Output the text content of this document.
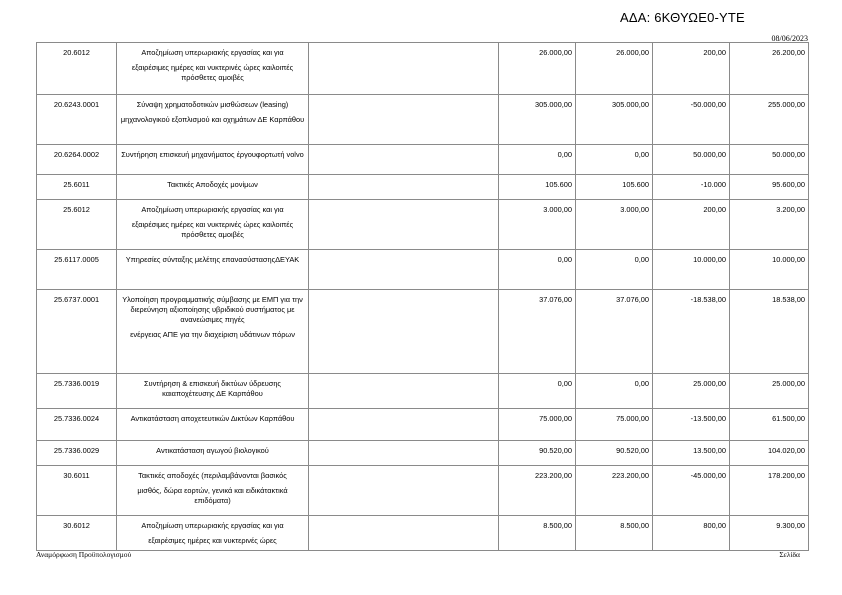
ΑΔΑ: 6ΚΘΥΩΕ0-ΥΤΕ
08/06/2023
20.6012	Αποζημίωση υπερωριακής εργασίας και για
εξαιρέσιμες ημέρες και νυκτερινές ώρες καιλοιπές πρόσθετες αμοιβές		26.000,00	26.000,00	200,00	26.200,00
20.6243.0001	Σύναψη χρηματοδοτικών μισθώσεων (leasing)
μηχανολογικού εξοπλισμού και οχημάτων ΔΕ Καρπάθου		305.000,00	305.000,00	-50.000,00	255.000,00
20.6264.0002	Συντήρηση επισκευή μηχανήματος έργουφορτωτή volvo		0,00	0,00	50.000,00	50.000,00
25.6011	Τακτικές Αποδοχές μονίμων		105.600	105.600	-10.000	95.600,00
25.6012	Αποζημίωση υπερωριακής εργασίας και για
εξαιρέσιμες ημέρες και νυκτερινές ώρες καιλοιπές πρόσθετες αμοιβές		3.000,00	3.000,00	200,00	3.200,00
25.6117.0005	Υπηρεσίες σύνταξης μελέτης επανασύστασηςΔΕΥΑΚ		0,00	0,00	10.000,00	10.000,00
25.6737.0001	Υλοποίηση προγραμματικής σύμβασης με ΕΜΠ για την διερεύνηση αξιοποίησης υβριδικού συστήματος με ανανεώσιμες πηγές
ενέργειας ΑΠΕ για την διαχείριση υδάτινων πόρων		37.076,00	37.076,00	-18.538,00	18.538,00
25.7336.0019	Συντήρηση & επισκευή δικτύων ύδρευσης καιαποχέτευσης ΔΕ Καρπάθου		0,00	0,00	25.000,00	25.000,00
25.7336.0024	Αντικατάσταση αποχετευτικών Δικτύων Καρπάθου		75.000,00	75.000,00	-13.500,00	61.500,00
25.7336.0029	Αντικατάσταση αγωγού βιολογικού		90.520,00	90.520,00	13.500,00	104.020,00
30.6011	Τακτικές αποδοχές (περιλαμβάνονται βασικός
μισθός, δώρα εορτών, γενικά και ειδικάτακτικά επιδόματα)		223.200,00	223.200,00	-45.000,00	178.200,00
30.6012	Αποζημίωση υπερωριακής εργασίας και για
εξαιρέσιμες ημέρες και νυκτερινές ώρες		8.500,00	8.500,00	800,00	9.300,00
Αναμόρφωση Προϋπολογισμού	Σελίδα
